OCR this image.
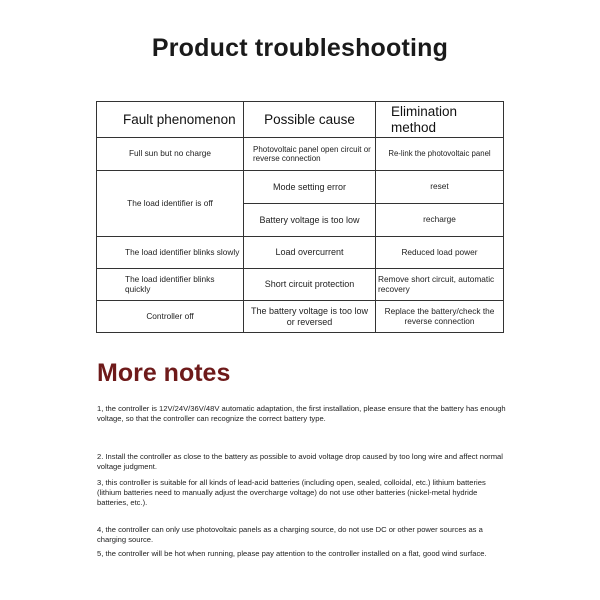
Product troubleshooting
Fault phenomenon	Possible cause	Elimination method
Full sun but no charge	Photovoltaic panel open circuit or reverse connection	Re-link the photovoltaic panel
The load identifier is off	Mode setting error	reset
	Battery voltage is too low	recharge
The load identifier blinks slowly	Load overcurrent	Reduced load power
The load identifier blinks quickly	Short circuit protection	Remove short circuit, automatic recovery
Controller off	The battery voltage is too low or reversed	Replace the battery/check the reverse connection
More notes

1, the controller is 12V/24V/36V/48V automatic adaptation, the first installation, please ensure that the battery has enough voltage, so that the controller can recognize the correct battery type.

2. Install the controller as close to the battery as possible to avoid voltage drop caused by too long wire and affect normal voltage judgment.

3, this controller is suitable for all kinds of lead-acid batteries (including open, sealed, colloidal, etc.) lithium batteries (lithium batteries need to manually adjust the overcharge voltage) do not use other batteries (nickel-metal hydride batteries, etc.).

4, the controller can only use photovoltaic panels as a charging source, do not use DC or other power sources as a charging source.

5, the controller will be hot when running, please pay attention to the controller installed on a flat, good wind surface.
